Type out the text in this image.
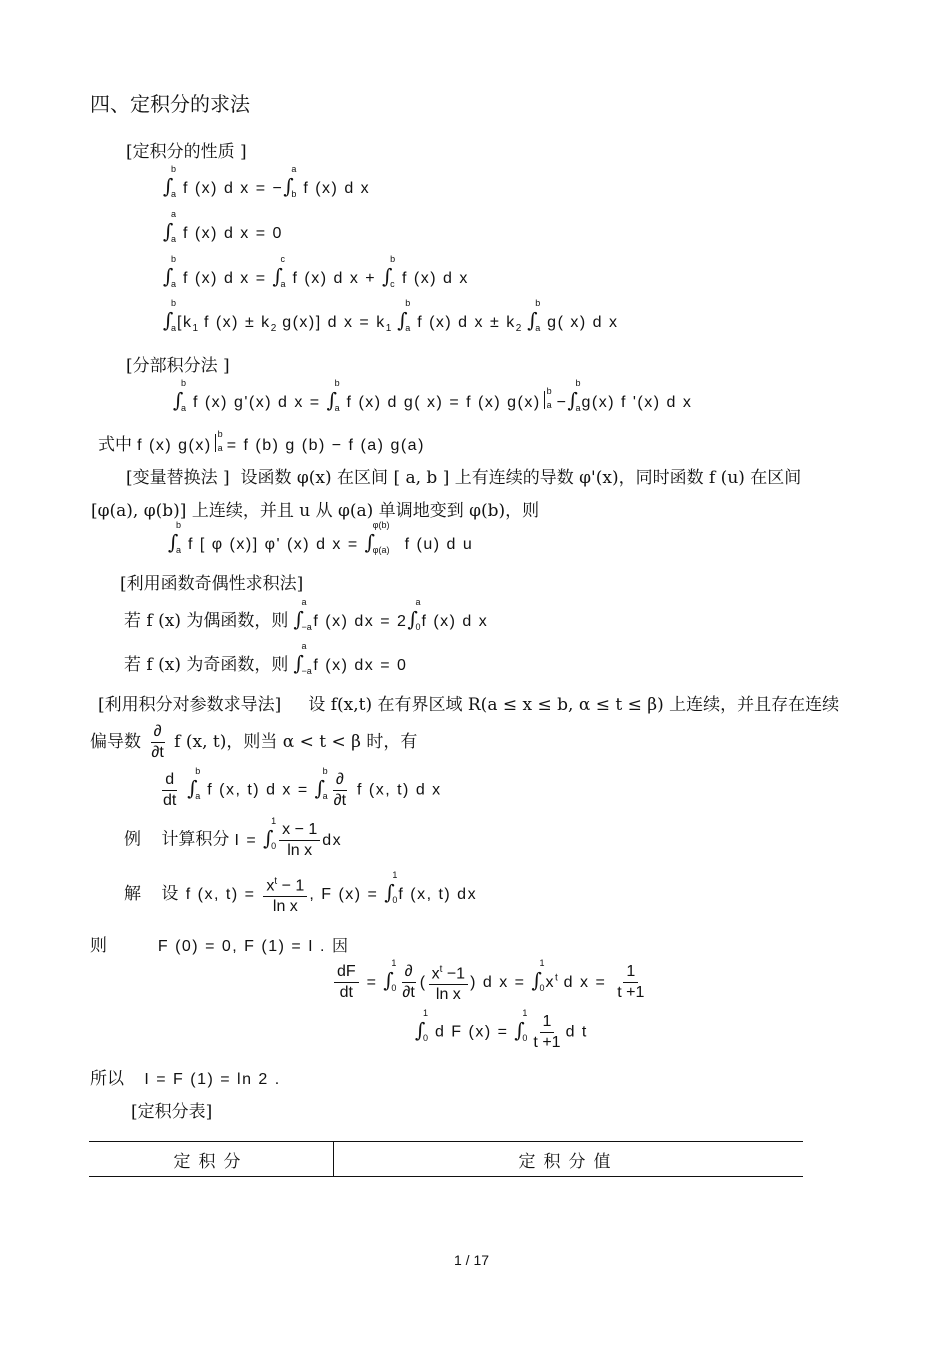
四、定积分的求法
[定积分的性质 ]
∫ b
a f (x) d x = −
∫ a
b f (x) d x
∫ a
a f (x) d x = 0
∫ b
a f (x) d x =
∫ c
a f (x) d x +
∫ b
c f (x) d x
∫ b
a [$k_1$ f $(x) \pm k_2$ g(x)] d $x = k_1$
∫ b
a f (x) d $x \pm k_2$
∫ b
a g( x) d x
[分部积分法 ]
∫ b
a f (x) g'(x) d x =
∫ b
a f (x) d g( x) = f (x) g(x)
b
a −
∫ b
a g(x) f '(x) d x
式中 f (x) g(x)
b
a = f (b) g (b) − f (a) g(a)
[变量替换法 ] 设函数 φ(x) 在区间 [ a, b ] 上有连续的导数 φ'(x)，同时函数 f (u) 在区间
[φ(a), φ(b)] 上连续，并且 u 从 φ(a) 单调地变到 φ(b)，则
∫ b
a f [ φ (x)] φ' (x) d x =
∫ φ(b)
φ(a) f (u) d u
[利用函数奇偶性求积法]
若 f (x) 为偶函数，则
∫ a
−a f (x) dx = 2
∫ a
0 f (x) d x
若 f (x) 为奇函数，则
∫ a
−a f (x) dx = 0
[利用积分对参数求导法] 设 f(x,t) 在有界区域 R(a ≤ x ≤ b, α ≤ t ≤ β) 上连续，并且存在连续
偏导数 $\frac{\partial}{\partial t}$ f (x, t)，则当 α < t < β 时，有
$\frac{d}{dt}$

∫ b
a f (x, t) d x =
∫ b
a $\frac{\partial}{\partial t}$ f (x, t) d x
例 计算积分 I =
∫ 1
$0 \frac{x - 1}{\text{ln x}}$ dx
解 设 f (x, $t) = \frac{x^t - 1}{\text{ln x}}$ , F (x) =
∫ 1
0 f (x, t) dx
则	F (0) = 0, F (1) = I . 因
$\frac{dF}{dt}$ =
∫ 1
$0 \frac{\partial}{\partial t}$ ( $\frac{x^t -1}{\text{ln x}}$ ) d x =
∫ 1
0 $x^t$ d $x = \frac{1}{t +1}$
∫ 1
0 d F (x) =
∫ 1
$0 \frac{1}{t +1}$ d t
所以 I = F (1) = ln 2 .
[定积分表]
定积分	定积分值
1 / 17
